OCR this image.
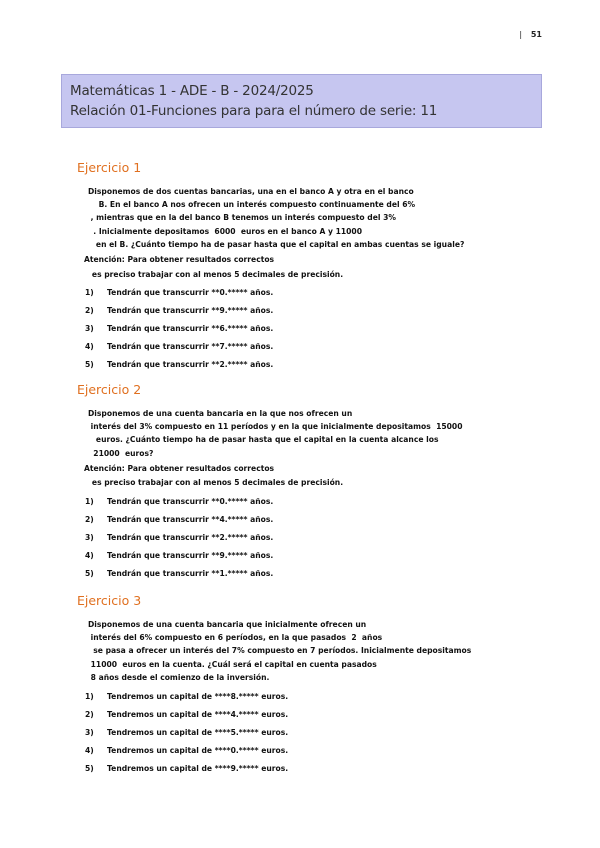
| 51
Matemáticas 1 - ADE - B - 2024/2025
Relación 01-Funciones para para el número de serie: 11
Ejercicio 1
Disponemos de dos cuentas bancarias, una en el banco A y otra en el banco
B. En el banco A nos ofrecen un interés compuesto continuamente del 6%
, mientras que en la del banco B tenemos un interés compuesto del 3%
. Inicialmente depositamos  6000  euros en el banco A y 11000
en el B. ¿Cuánto tiempo ha de pasar hasta que el capital en ambas cuentas se iguale?
Atención: Para obtener resultados correctos
es preciso trabajar con al menos 5 decimales de precisión.
1)	Tendrán que transcurrir **0.***** años.
2)	Tendrán que transcurrir **9.***** años.
3)	Tendrán que transcurrir **6.***** años.
4)	Tendrán que transcurrir **7.***** años.
5)	Tendrán que transcurrir **2.***** años.
Ejercicio 2
Disponemos de una cuenta bancaria en la que nos ofrecen un
interés del 3% compuesto en 11 períodos y en la que inicialmente depositamos  15000
euros. ¿Cuánto tiempo ha de pasar hasta que el capital en la cuenta alcance los
21000  euros?
Atención: Para obtener resultados correctos
es preciso trabajar con al menos 5 decimales de precisión.
1)	Tendrán que transcurrir **0.***** años.
2)	Tendrán que transcurrir **4.***** años.
3)	Tendrán que transcurrir **2.***** años.
4)	Tendrán que transcurrir **9.***** años.
5)	Tendrán que transcurrir **1.***** años.
Ejercicio 3
Disponemos de una cuenta bancaria que inicialmente ofrecen un
interés del 6% compuesto en 6 períodos, en la que pasados  2  años
se pasa a ofrecer un interés del 7% compuesto en 7 períodos. Inicialmente depositamos
11000  euros en la cuenta. ¿Cuál será el capital en cuenta pasados
8 años desde el comienzo de la inversión.
1)	Tendremos un capital de ****8.***** euros.
2)	Tendremos un capital de ****4.***** euros.
3)	Tendremos un capital de ****5.***** euros.
4)	Tendremos un capital de ****0.***** euros.
5)	Tendremos un capital de ****9.***** euros.
